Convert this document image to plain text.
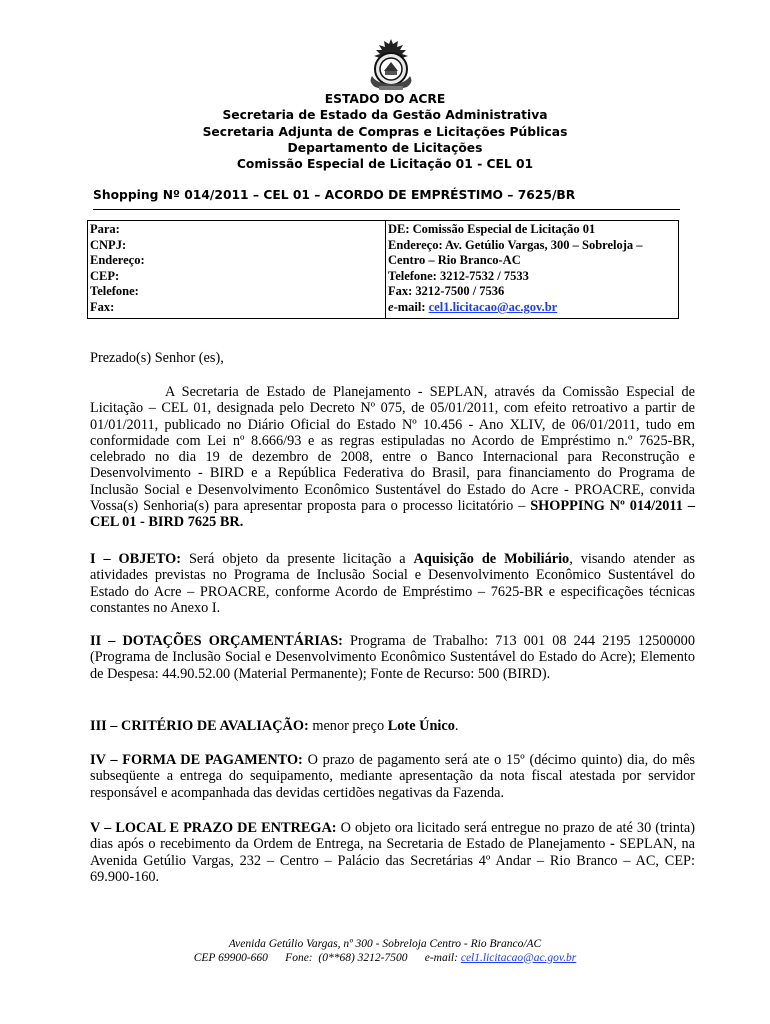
ESTADO DO ACRE
Secretaria de Estado da Gestão Administrativa
Secretaria Adjunta de Compras e Licitações Públicas
Departamento de Licitações
Comissão Especial de Licitação 01 - CEL 01
Shopping Nº 014/2011 – CEL 01 – ACORDO DE EMPRÉSTIMO – 7625/BR
Para:
CNPJ:
Endereço:
CEP:
Telefone:
Fax:

DE: Comissão Especial de Licitação 01
Endereço: Av. Getúlio Vargas, 300 – Sobreloja –
Centro – Rio Branco-AC
Telefone: 3212-7532 / 7533
Fax: 3212-7500 / 7536
e-mail: cel1.licitacao@ac.gov.br
Prezado(s) Senhor (es),
A Secretaria de Estado de Planejamento - SEPLAN, através da Comissão Especial de Licitação – CEL 01, designada pelo Decreto Nº 075, de 05/01/2011, com efeito retroativo a partir de 01/01/2011, publicado no Diário Oficial do Estado Nº 10.456 - Ano XLIV, de 06/01/2011, tudo em conformidade com Lei nº 8.666/93 e as regras estipuladas no Acordo de Empréstimo n.º 7625-BR, celebrado no dia 19 de dezembro de 2008, entre o Banco Internacional para Reconstrução e Desenvolvimento - BIRD e a República Federativa do Brasil, para financiamento do Programa de Inclusão Social e Desenvolvimento Econômico Sustentável do Estado do Acre - PROACRE, convida Vossa(s) Senhoria(s) para apresentar proposta para o processo licitatório – SHOPPING Nº 014/2011 – CEL 01 - BIRD 7625 BR.
I – OBJETO: Será objeto da presente licitação a Aquisição de Mobiliário, visando atender as atividades previstas no Programa de Inclusão Social e Desenvolvimento Econômico Sustentável do Estado do Acre – PROACRE, conforme Acordo de Empréstimo – 7625-BR e especificações técnicas constantes no Anexo I.
II – DOTAÇÕES ORÇAMENTÁRIAS: Programa de Trabalho: 713 001 08 244 2195 12500000 (Programa de Inclusão Social e Desenvolvimento Econômico Sustentável do Estado do Acre); Elemento de Despesa: 44.90.52.00 (Material Permanente); Fonte de Recurso: 500 (BIRD).
III – CRITÉRIO DE AVALIAÇÃO: menor preço Lote Único.
IV – FORMA DE PAGAMENTO: O prazo de pagamento será ate o 15º (décimo quinto) dia, do mês subseqüente a entrega do sequipamento, mediante apresentação da nota fiscal atestada por servidor responsável e acompanhada das devidas certidões negativas da Fazenda.
V – LOCAL E PRAZO DE ENTREGA: O objeto ora licitado será entregue no prazo de até 30 (trinta) dias após o recebimento da Ordem de Entrega, na Secretaria de Estado de Planejamento - SEPLAN, na Avenida Getúlio Vargas, 232 – Centro – Palácio das Secretárias 4º Andar – Rio Branco – AC, CEP: 69.900-160.
Avenida Getúlio Vargas, nº 300 - Sobreloja Centro - Rio Branco/AC
CEP 69900-660 Fone:  (0**68) 3212-7500 e-mail: cel1.licitacao@ac.gov.br
